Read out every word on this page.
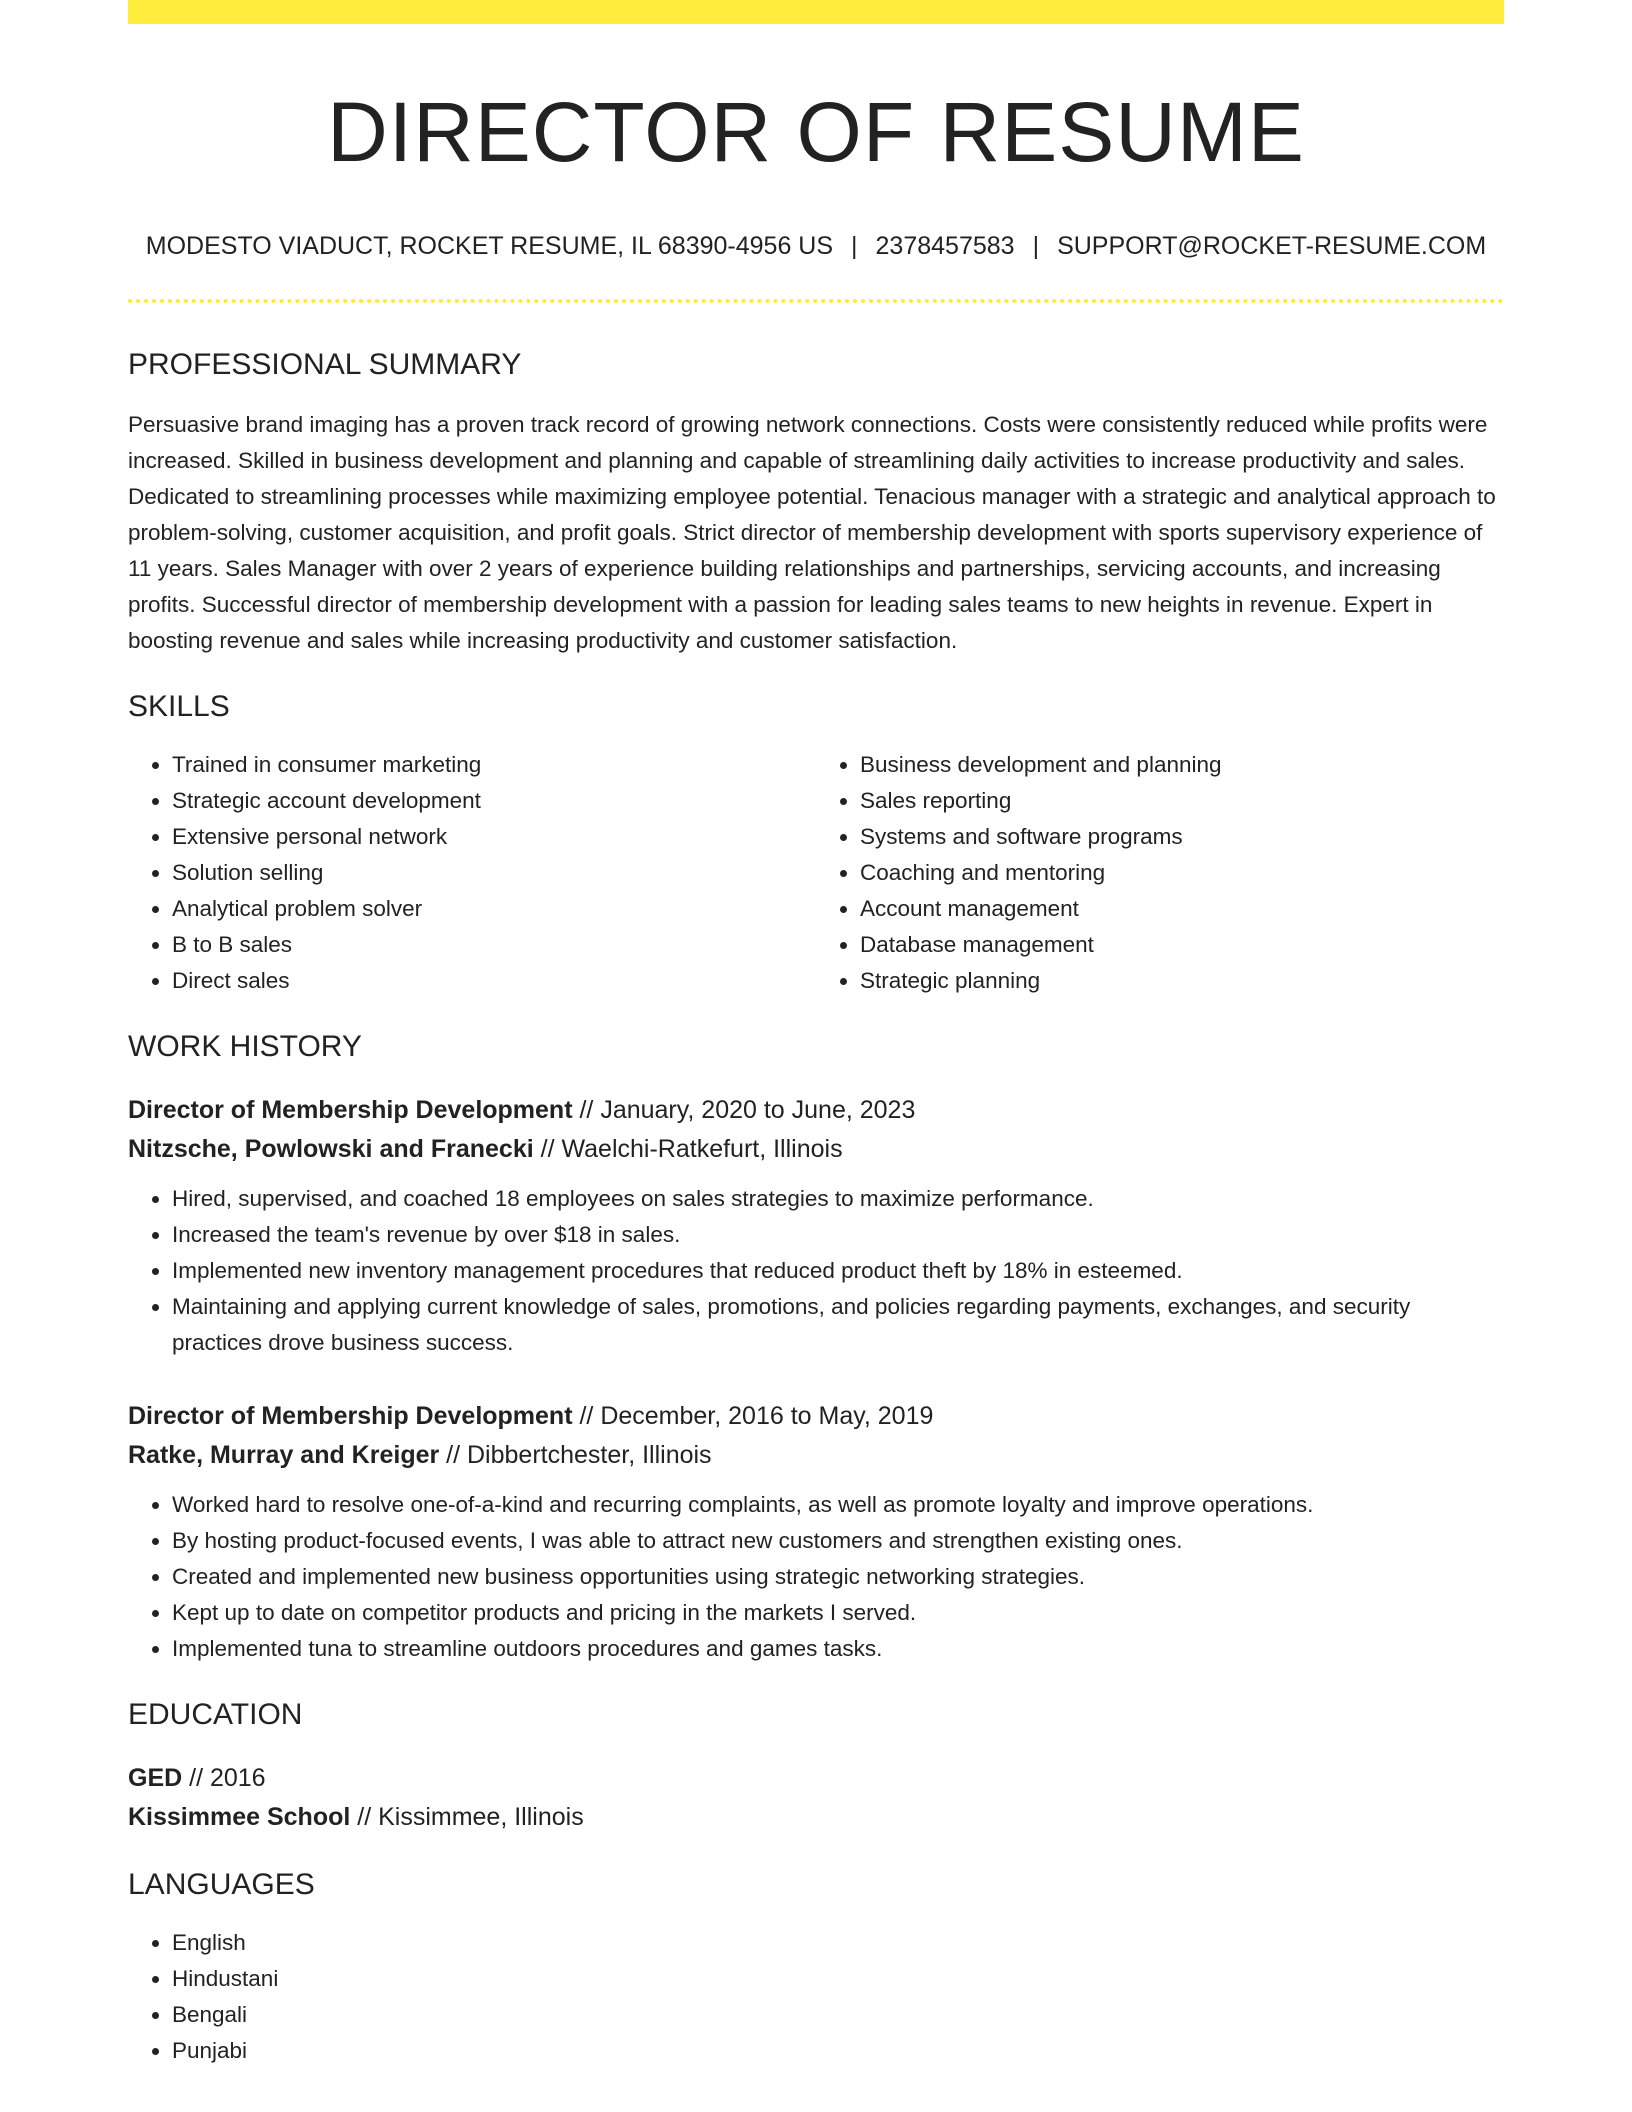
DIRECTOR OF RESUME
MODESTO VIADUCT, ROCKET RESUME, IL 68390-4956 US | 2378457583 | SUPPORT@ROCKET-RESUME.COM
PROFESSIONAL SUMMARY

Persuasive brand imaging has a proven track record of growing network connections. Costs were consistently reduced while profits were increased. Skilled in business development and planning and capable of streamlining daily activities to increase productivity and sales. Dedicated to streamlining processes while maximizing employee potential. Tenacious manager with a strategic and analytical approach to problem-solving, customer acquisition, and profit goals. Strict director of membership development with sports supervisory experience of 11 years. Sales Manager with over 2 years of experience building relationships and partnerships, servicing accounts, and increasing profits. Successful director of membership development with a passion for leading sales teams to new heights in revenue. Expert in boosting revenue and sales while increasing productivity and customer satisfaction.

SKILLS
• Trained in consumer marketing
• Strategic account development
• Extensive personal network
• Solution selling
• Analytical problem solver
• B to B sales
• Direct sales
• Business development and planning
• Sales reporting
• Systems and software programs
• Coaching and mentoring
• Account management
• Database management
• Strategic planning
WORK HISTORY
Director of Membership Development // January, 2020 to June, 2023
Nitzsche, Powlowski and Franecki // Waelchi-Ratkefurt, Illinois
• Hired, supervised, and coached 18 employees on sales strategies to maximize performance.
• Increased the team's revenue by over $18 in sales.
• Implemented new inventory management procedures that reduced product theft by 18% in esteemed.
• Maintaining and applying current knowledge of sales, promotions, and policies regarding payments, exchanges, and security practices drove business success.
Director of Membership Development // December, 2016 to May, 2019
Ratke, Murray and Kreiger // Dibbertchester, Illinois
• Worked hard to resolve one-of-a-kind and recurring complaints, as well as promote loyalty and improve operations.
• By hosting product-focused events, I was able to attract new customers and strengthen existing ones.
• Created and implemented new business opportunities using strategic networking strategies.
• Kept up to date on competitor products and pricing in the markets I served.
• Implemented tuna to streamline outdoors procedures and games tasks.
EDUCATION
GED // 2016
Kissimmee School // Kissimmee, Illinois
LANGUAGES
• English
• Hindustani
• Bengali
• Punjabi
